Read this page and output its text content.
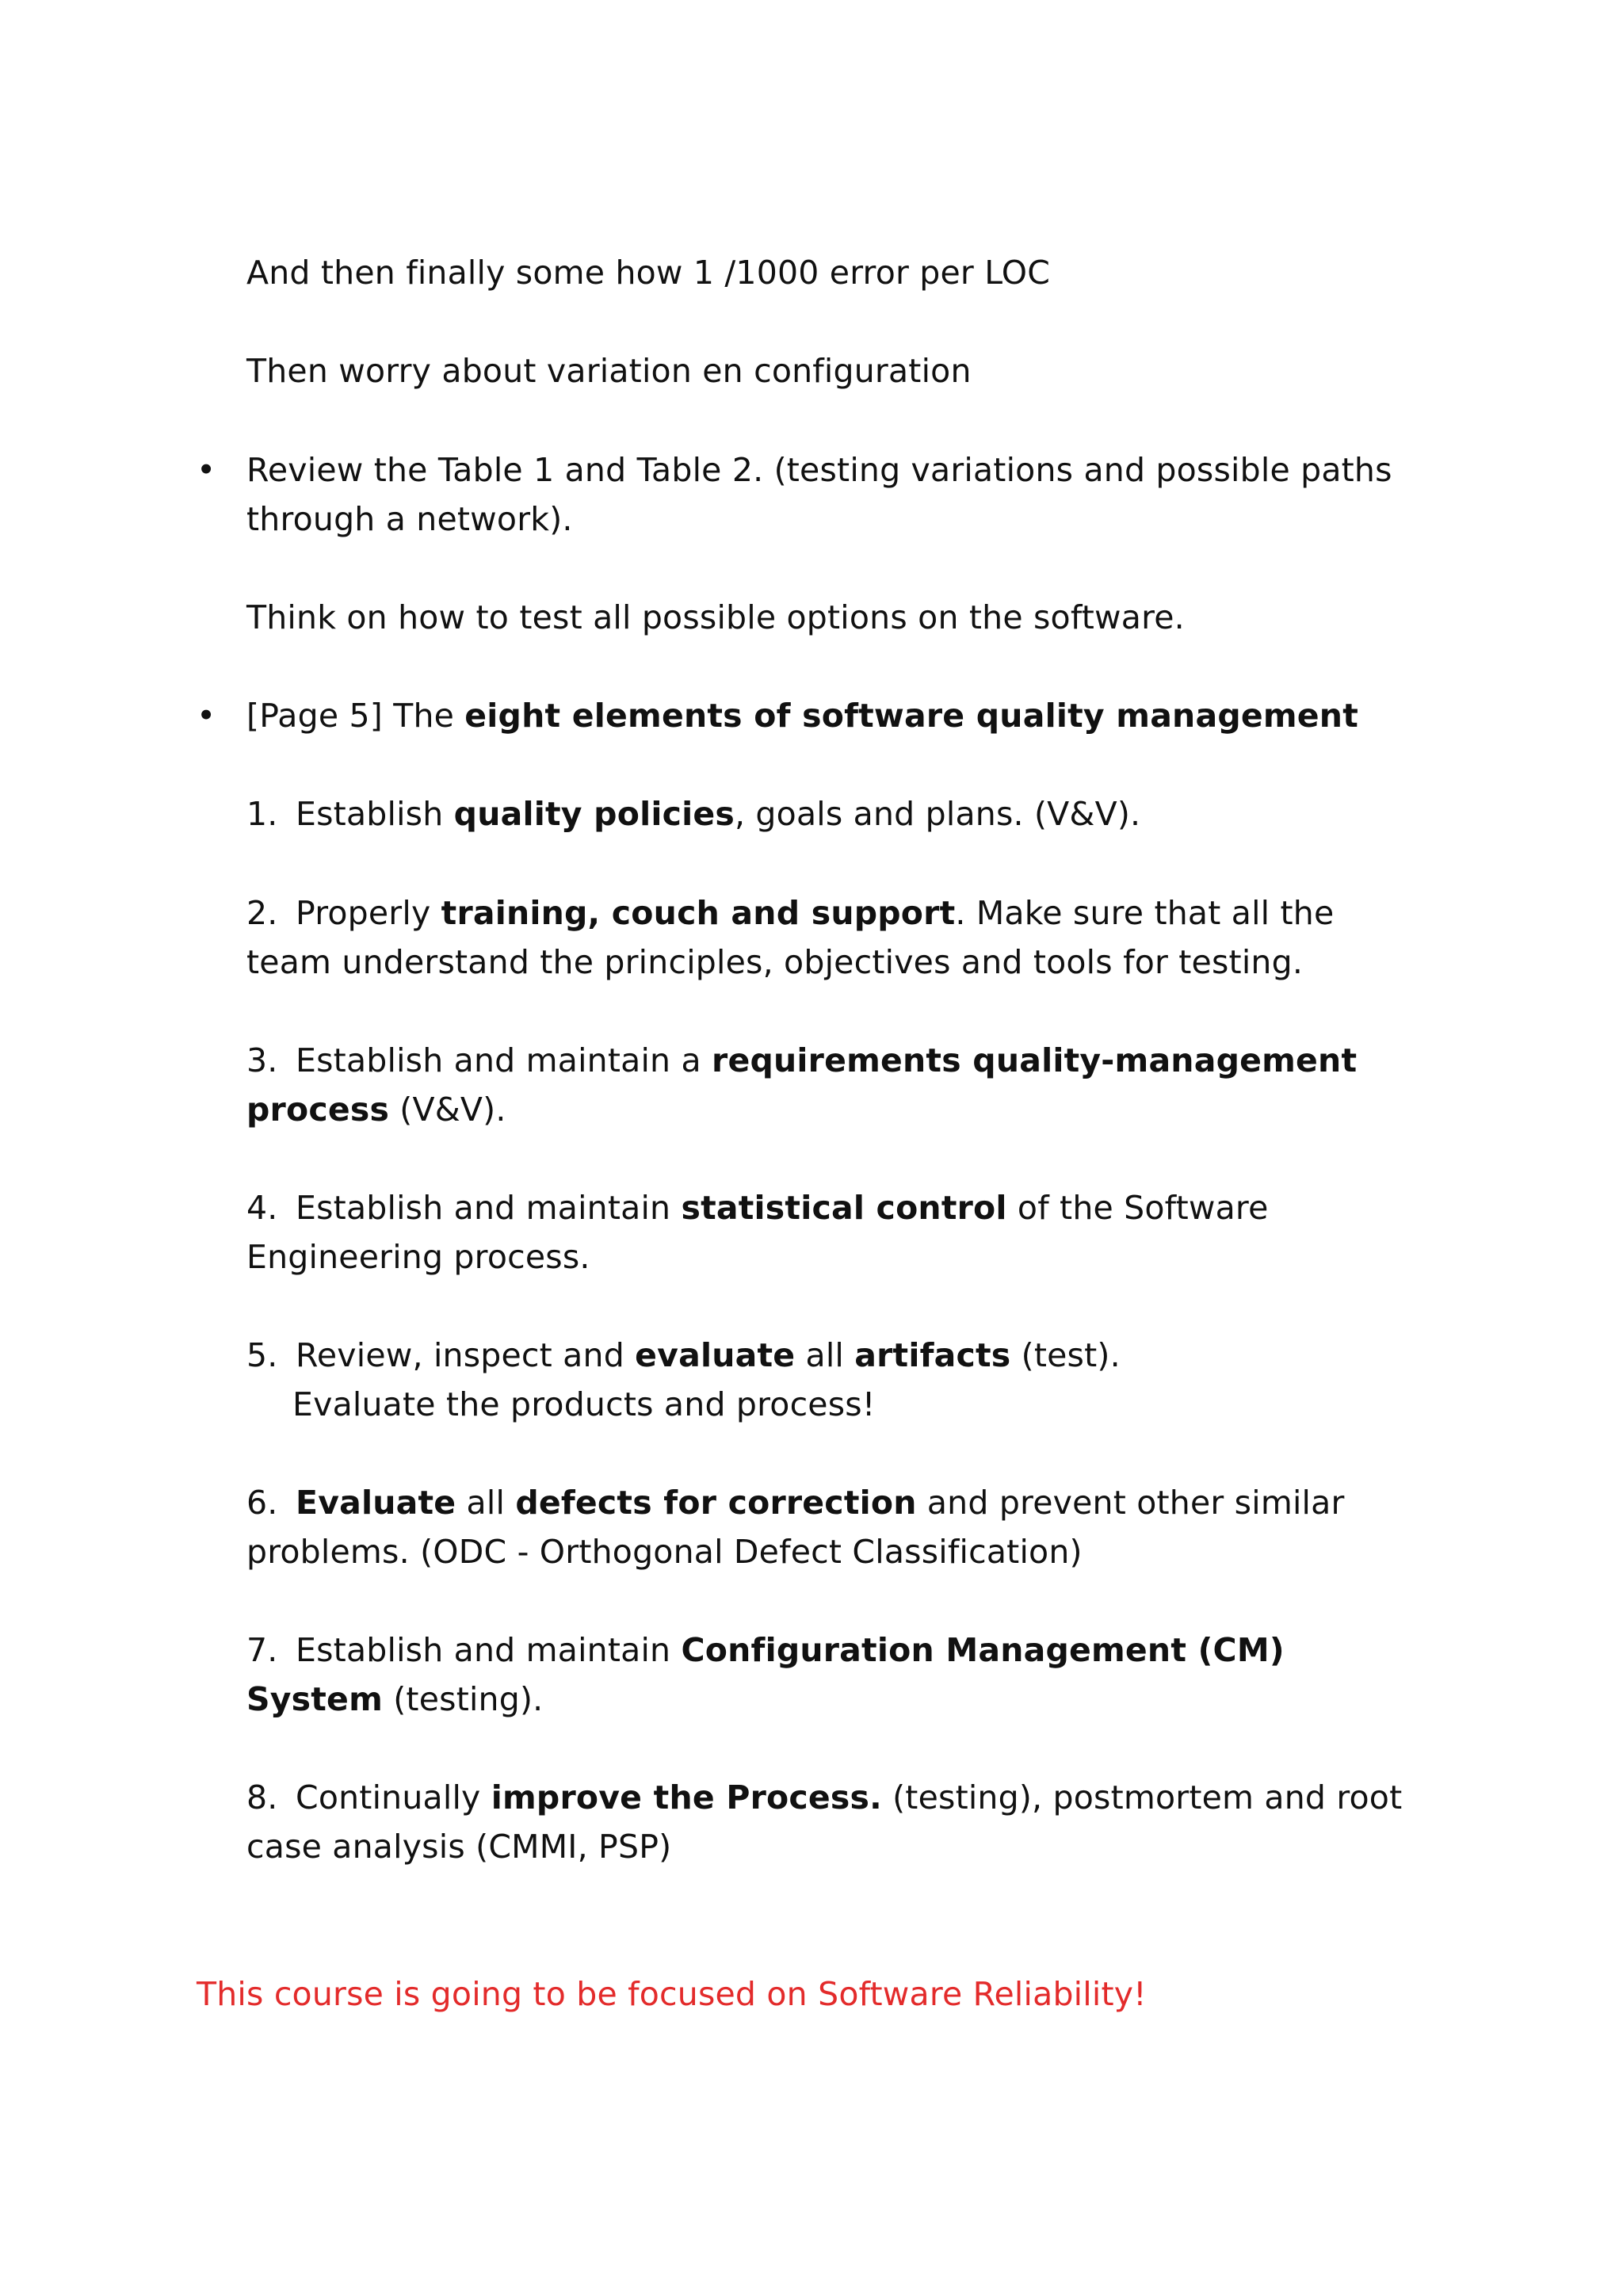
And then finally some how 1 /1000 error per LOC
Then worry about variation en configuration
• Review the Table 1 and Table 2. (testing variations and possible paths
through a network).
Think on how to test all possible options on the software.
• [Page 5] The eight elements of software quality management
1. Establish quality policies, goals and plans. (V&V).
2. Properly training, couch and support. Make sure that all the
team understand the principles, objectives and tools for testing.
3. Establish and maintain a requirements quality-management
process (V&V).
4. Establish and maintain statistical control of the Software
Engineering process.
5. Review, inspect and evaluate all artifacts (test).
Evaluate the products and process!
6. Evaluate all defects for correction and prevent other similar
problems. (ODC - Orthogonal Defect Classification)
7. Establish and maintain Configuration Management (CM)
System (testing).
8. Continually improve the Process. (testing), postmortem and root
case analysis (CMMI, PSP)
This course is going to be focused on Software Reliability!
